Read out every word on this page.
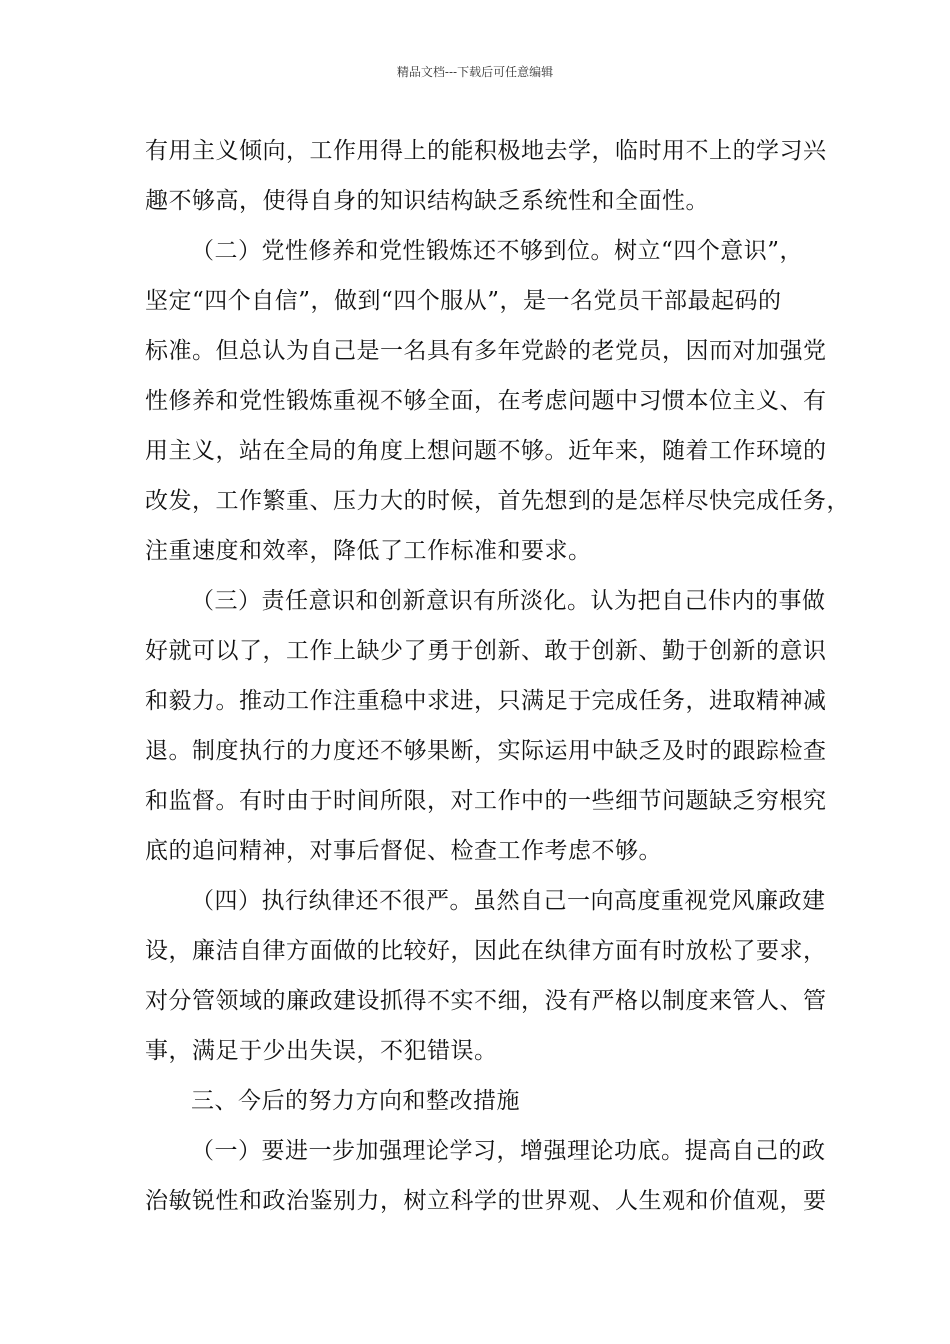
精品文档---下载后可任意编辑
有用主义倾向，工作用得上的能积极地去学，临时用不上的学习兴
趣不够高，使得自身的知识结构缺乏系统性和全面性。
（二）党性修养和党性锻炼还不够到位。树立“四个意识”，
坚定“四个自信”，做到“四个服从”，是一名党员干部最起码的
标准。但总认为自己是一名具有多年党龄的老党员，因而对加强党
性修养和党性锻炼重视不够全面，在考虑问题中习惯本位主义、有
用主义，站在全局的角度上想问题不够。近年来，随着工作环境的
改发，工作繁重、压力大的时候，首先想到的是怎样尽快完成任务，
注重速度和效率，降低了工作标准和要求。
（三）责任意识和创新意识有所淡化。认为把自己佧内的事做
好就可以了，工作上缺少了勇于创新、敢于创新、勤于创新的意识
和毅力。推动工作注重稳中求进，只满足于完成任务，进取精神减
退。制度执行的力度还不够果断，实际运用中缺乏及时的跟踪检查
和监督。有时由于时间所限，对工作中的一些细节问题缺乏穷根究
底的追问精神，对事后督促、检查工作考虑不够。
（四）执行纨律还不很严。虽然自己一向高度重视党风廉政建
设，廉洁自律方面做的比较好，因此在纨律方面有时放松了要求，
对分管领域的廉政建设抓得不实不细，没有严格以制度来管人、管
事，满足于少出失误，不犯错误。
三、今后的努力方向和整改措施
（一）要进一步加强理论学习，增强理论功底。提高自己的政
治敏锐性和政治鉴别力，树立科学的世界观、人生观和价值观，要
